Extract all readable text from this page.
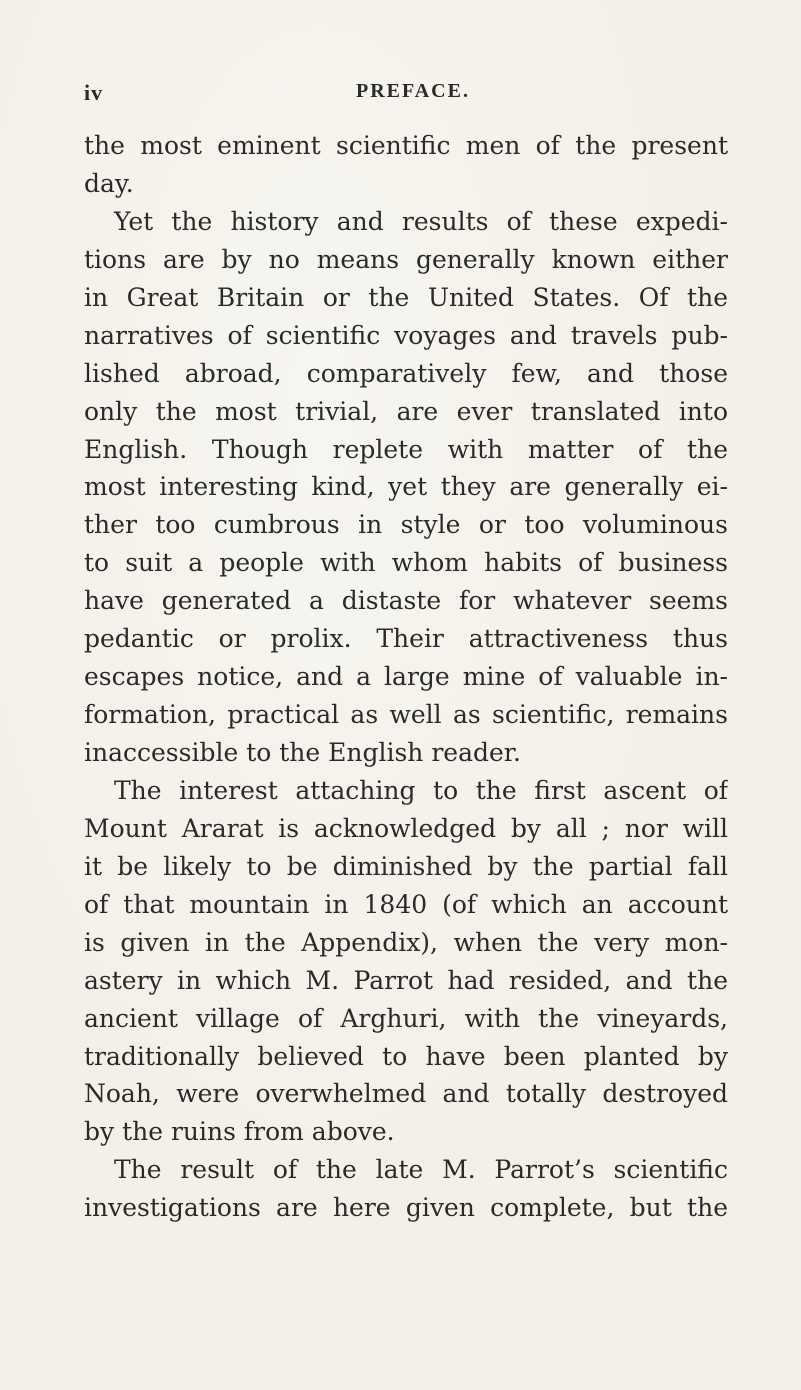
iv	PREFACE.
the most eminent scientific men of the present
day.
Yet the history and results of these expedi-
tions are by no means generally known either
in Great Britain or the United States. Of the
narratives of scientific voyages and travels pub-
lished abroad, comparatively few, and those
only the most trivial, are ever translated into
English. Though replete with matter of the
most interesting kind, yet they are generally ei-
ther too cumbrous in style or too voluminous
to suit a people with whom habits of business
have generated a distaste for whatever seems
pedantic or prolix. Their attractiveness thus
escapes notice, and a large mine of valuable in-
formation, practical as well as scientific, remains
inaccessible to the English reader.
The interest attaching to the first ascent of
Mount Ararat is acknowledged by all ; nor will
it be likely to be diminished by the partial fall
of that mountain in 1840 (of which an account
is given in the Appendix), when the very mon-
astery in which M. Parrot had resided, and the
ancient village of Arghuri, with the vineyards,
traditionally believed to have been planted by
Noah, were overwhelmed and totally destroyed
by the ruins from above.
The result of the late M. Parrot’s scientific
investigations are here given complete, but the
